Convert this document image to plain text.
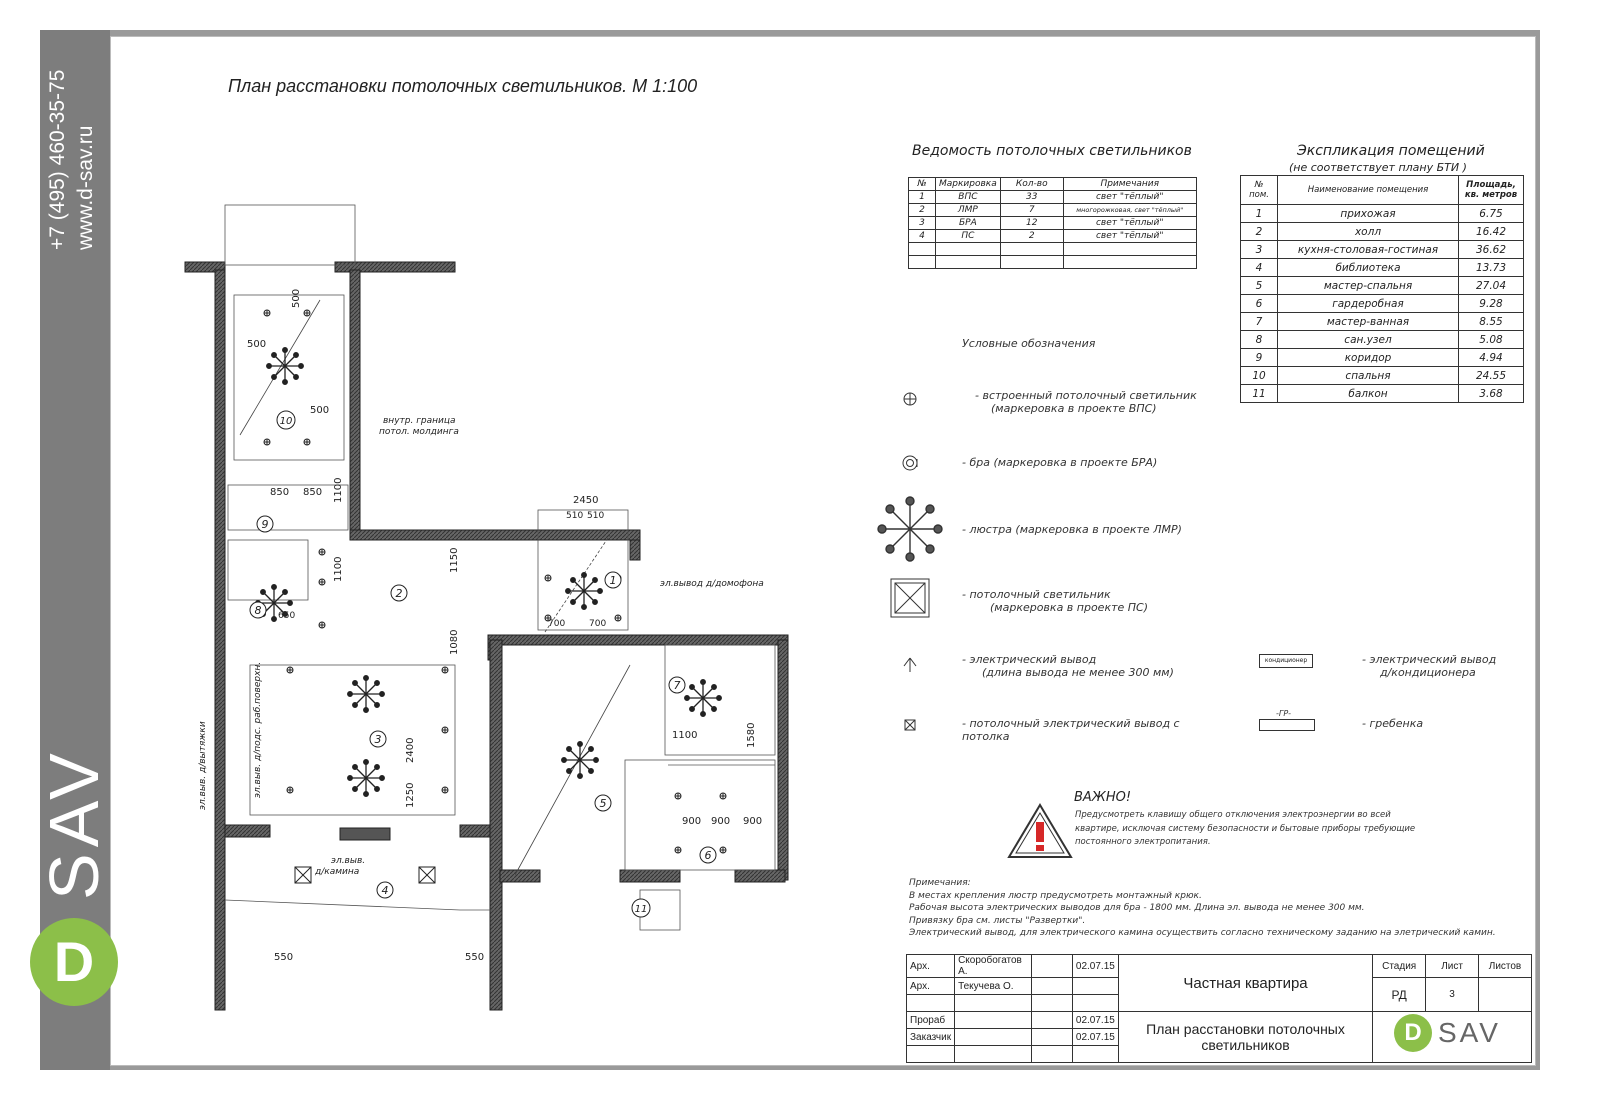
www.d-sav.ru
SAV
D
План расстановки потолочных светильников. М 1:100
Ведомость потолочных светильников
№	Маркировка	Кол-во	Примечания
1	ВПС	33	свет "тёплый"
2	ЛМР	7	многорожковая, свет "тёплый"
3	БРА	12	свет "тёплый"
4	ПС	2	свет "тёплый"

Экспликация помещений
(не соответствует плану БТИ )
№ пом.	Наименование помещения	Площадь, кв. метров
1	прихожая	6.75
2	холл	16.42
3	кухня-столовая-гостиная	36.62
4	библиотека	13.73
5	мастер-спальня	27.04
6	гардеробная	9.28
7	мастер-ванная	8.55
8	сан.узел	5.08
9	коридор	4.94
10	спальня	24.55
11	балкон	3.68
Условные обозначения
- встроенный потолочный светильник
(маркеровка в проекте ВПС)
- бра (маркеровка в проекте БРА)
- люстра (маркеровка в проекте ЛМР)
- потолочный светильник
(маркеровка в проекте ПС)
- электрический вывод
(длина вывода не менее 300 мм)
- потолочный электрический вывод с
потолка
кондиционер	- электрический вывод
д/кондиционера
-ГР-
- гребенка
ВАЖНО!
Предусмотреть клавишу общего отключения электроэнергии во всей
квартире, исключая систему безопасности и бытовые приборы требующие
постоянного электропитания.
Примечания:
В местах крепления люстр предусмотреть монтажный крюк.
Рабочая высота электрических выводов для бра - 1800 мм. Длина эл. вывода не менее 300 мм.
Привязку бра см. листы "Развертки".
Электрический вывод, для электрического камина осуществить согласно техническому заданию на элетрический камин.
1
2
3
4
5
6
7
8
9
10
11
2450
510 510
700	700
500
500
500
850 850 1100
1100	1150
1080
650
2400
1250
550	550
1100	1580
900 900 900
внутр. граница
потол. молдинга
эл.вывод д/домофона
эл.выв. д/вытяжки	эл.выв. д/подс. раб.поверхн.
эл.выв.
д/камина
Арх.	Скоробогатов А.		02.07.15	Частная квартира	Стадия	Лист	Листов
Арх.	Текучева О.				РД	3	

Прораб			02.07.15	План расстановки потолочных
светильников			

Заказчик			02.07.15				
				D SAV
